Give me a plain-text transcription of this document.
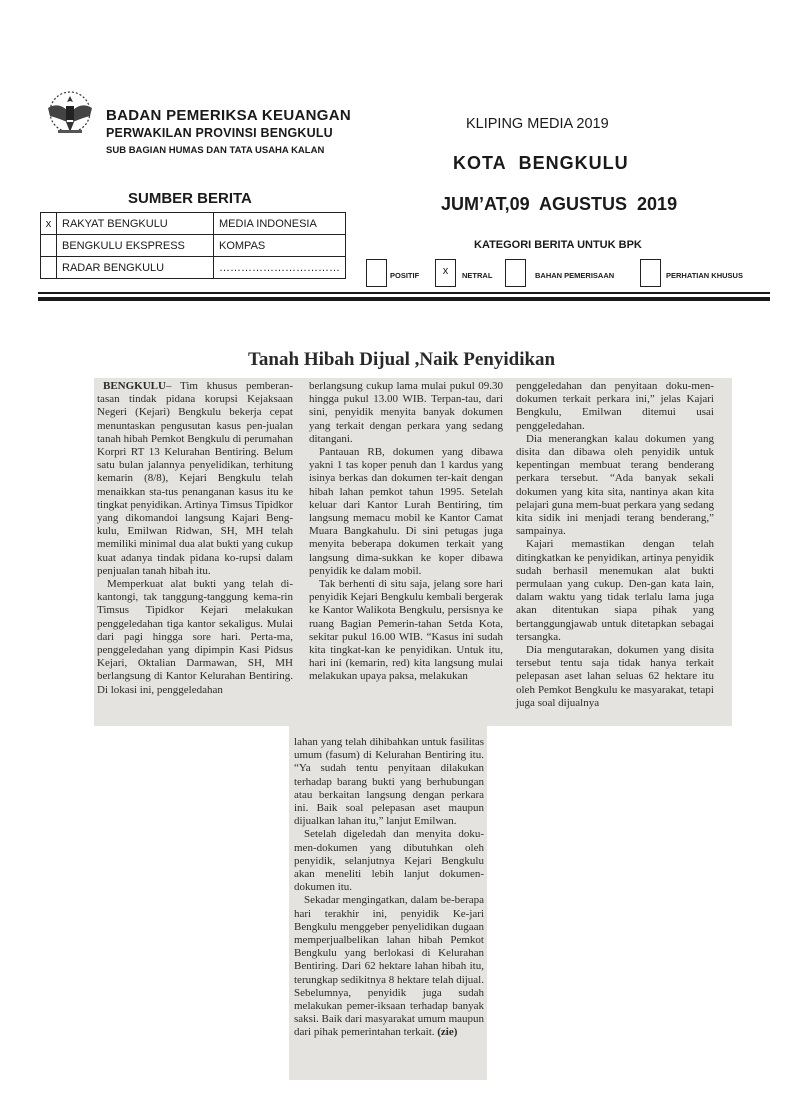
BADAN PEMERIKSA KEUANGAN
PERWAKILAN PROVINSI BENGKULU
SUB BAGIAN HUMAS DAN TATA USAHA KALAN
KLIPING MEDIA 2019
KOTA BENGKULU
JUM’AT,09  AGUSTUS  2019
SUMBER BERITA
x	RAKYAT BENGKULU	MEDIA INDONESIA
	BENGKULU EKSPRESS	KOMPAS
	RADAR BENGKULU	……………………………
KATEGORI BERITA UNTUK BPK
POSITIF	x	NETRAL	BAHAN PEMERISAAN	PERHATIAN KHUSUS
Tanah Hibah Dijual ,Naik Penyidikan

BENGKULU– Tim khusus pemberan-tasan tindak pidana korupsi Kejaksaan Negeri (Kejari) Bengkulu bekerja cepat menuntaskan pengusutan kasus pen-jualan tanah hibah Pemkot Bengkulu di perumahan Korpri RT 13 Kelurahan Bentiring. Belum satu bulan jalannya penyelidikan, terhitung kemarin (8/8), Kejari Bengkulu telah menaikkan sta-tus penanganan kasus itu ke tingkat penyidikan. Artinya Timsus Tipidkor yang dikomandoi langsung Kajari Beng-kulu, Emilwan Ridwan, SH, MH telah memiliki minimal dua alat bukti yang cukup kuat adanya tindak pidana ko-rupsi dalam penjualan tanah hibah itu.

Memperkuat alat bukti yang telah di-kantongi, tak tanggung-tanggung kema-rin Timsus Tipidkor Kejari melakukan penggeledahan tiga kantor sekaligus. Mulai dari pagi hingga sore hari. Perta-ma, penggeledahan yang dipimpin Kasi Pidsus Kejari, Oktalian Darmawan, SH, MH berlangsung di Kantor Kelurahan Bentiring. Di lokasi ini, penggeledahan

berlangsung cukup lama mulai pukul 09.30 hingga pukul 13.00 WIB. Terpan-tau, dari sini, penyidik menyita banyak dokumen yang terkait dengan perkara yang sedang ditangani.

Pantauan RB, dokumen yang dibawa yakni 1 tas koper penuh dan 1 kardus yang isinya berkas dan dokumen ter-kait dengan hibah lahan pemkot tahun 1995. Setelah keluar dari Kantor Lurah Bentiring, tim langsung memacu mobil ke Kantor Camat Muara Bangkahulu. Di sini petugas juga menyita beberapa dokumen terkait yang langsung dima-sukkan ke koper dibawa penyidik ke dalam mobil.

Tak berhenti di situ saja, jelang sore hari penyidik Kejari Bengkulu kembali bergerak ke Kantor Walikota Bengkulu, persisnya ke ruang Bagian Pemerin-tahan Setda Kota, sekitar pukul 16.00 WIB. “Kasus ini sudah kita tingkat-kan ke penyidikan. Untuk itu, hari ini (kemarin, red) kita langsung mulai melakukan upaya paksa, melakukan

penggeledahan dan penyitaan doku-men-dokumen terkait perkara ini,” jelas Kajari Bengkulu, Emilwan ditemui usai penggeledahan.

Dia menerangkan kalau dokumen yang disita dan dibawa oleh penyidik untuk kepentingan membuat terang benderang perkara tersebut. “Ada banyak sekali dokumen yang kita sita, nantinya akan kita pelajari guna mem-buat perkara yang sedang kita sidik ini menjadi terang benderang,” sampainya.

Kajari memastikan dengan telah ditingkatkan ke penyidikan, artinya penyidik sudah berhasil menemukan alat bukti permulaan yang cukup. Den-gan kata lain, dalam waktu yang tidak terlalu lama juga akan ditentukan siapa pihak yang bertanggungjawab untuk ditetapkan sebagai tersangka.

Dia mengutarakan, dokumen yang disita tersebut tentu saja tidak hanya terkait pelepasan aset lahan seluas 62 hektare itu oleh Pemkot Bengkulu ke masyarakat, tetapi juga soal dijualnya

lahan yang telah dihibahkan untuk fasilitas umum (fasum) di Kelurahan Bentiring itu. “Ya sudah tentu penyitaan dilakukan terhadap barang bukti yang berhubungan atau berkaitan langsung dengan perkara ini. Baik soal pelepasan aset maupun dijualkan lahan itu,” lanjut Emilwan.

Setelah digeledah dan menyita doku-men-dokumen yang dibutuhkan oleh penyidik, selanjutnya Kejari Bengkulu akan meneliti lebih lanjut dokumen-dokumen itu.

Sekadar mengingatkan, dalam be-berapa hari terakhir ini, penyidik Ke-jari Bengkulu menggeber penyelidikan dugaan memperjualbelikan lahan hibah Pemkot Bengkulu yang berlokasi di Kelurahan Bentiring. Dari 62 hektare lahan hibah itu, terungkap sedikitnya 8 hektare telah dijual. Sebelumnya, penyidik juga sudah melakukan pemer-iksaan terhadap banyak saksi. Baik dari masyarakat umum maupun dari pihak pemerintahan terkait. (zie)
